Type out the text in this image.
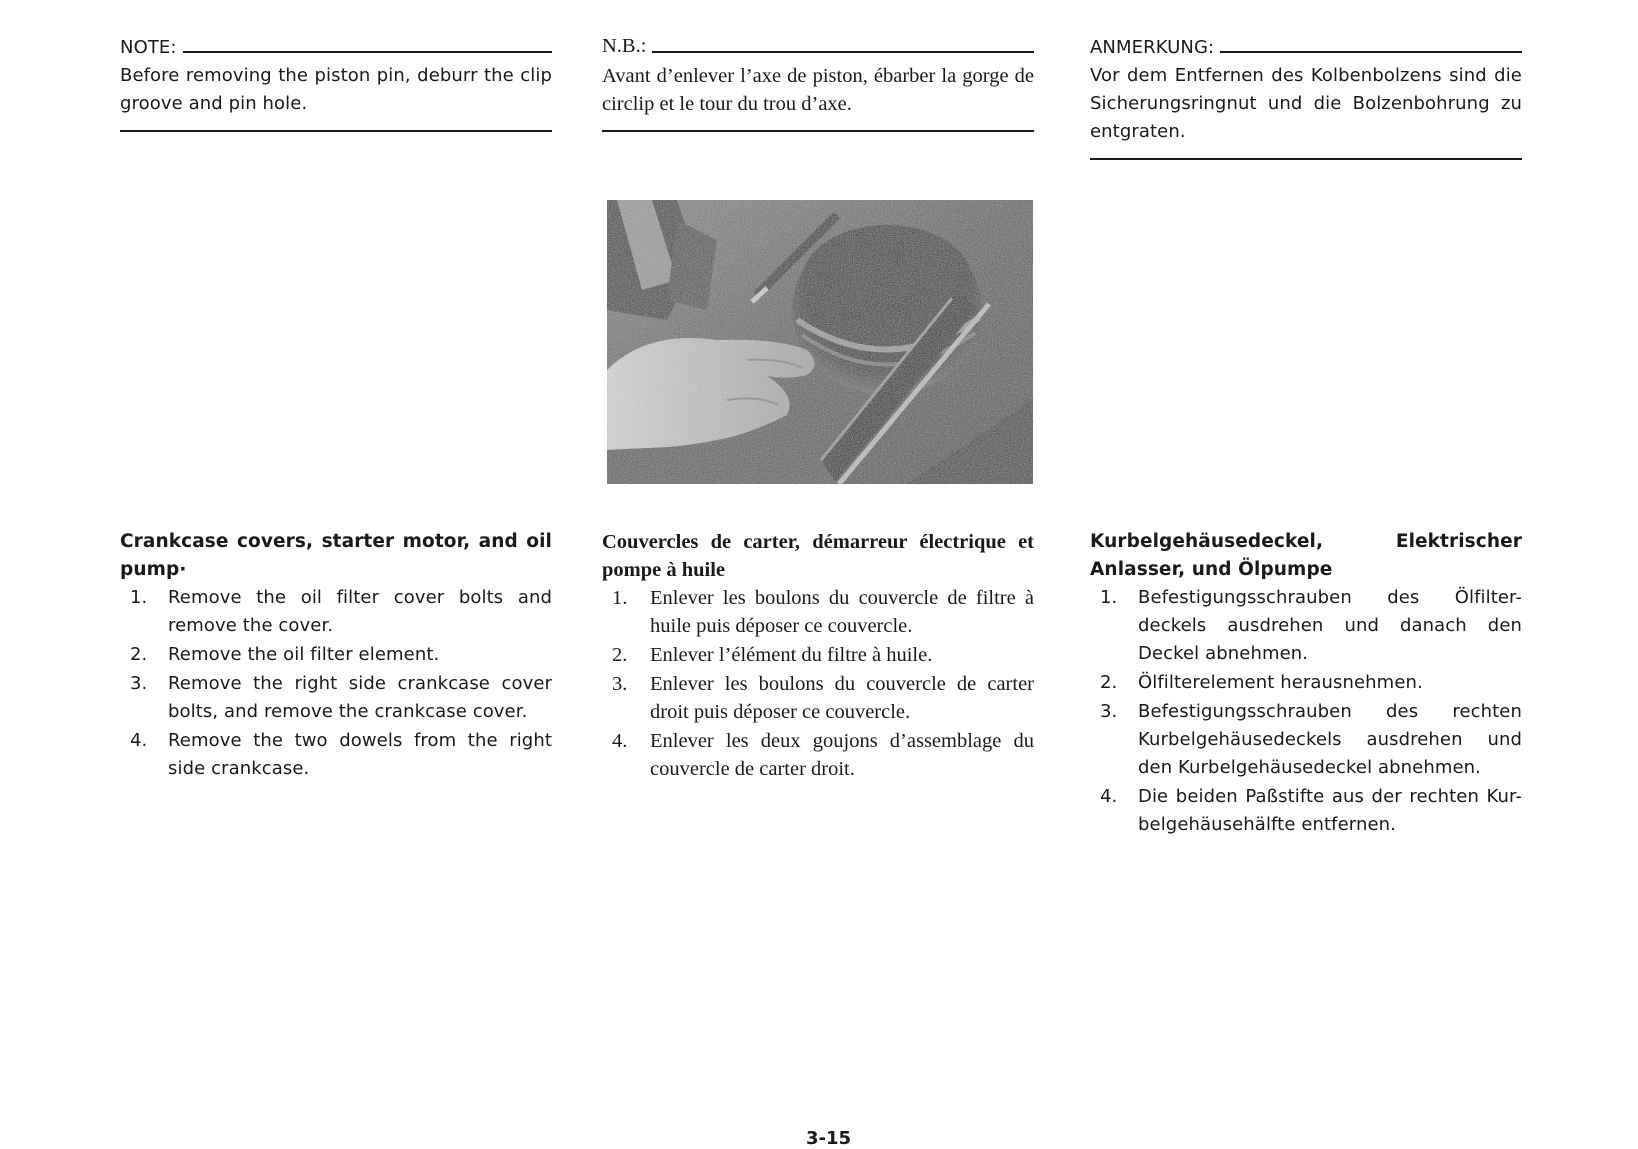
NOTE:

Before removing the piston pin, deburr the clip groove and pin hole.

N.B.:

Avant d’enlever l’axe de piston, ébarber la gorge de circlip et le tour du trou d’axe.

ANMERKUNG:

Vor dem Entfernen des Kolbenbolzens sind die Sicherungsringnut und die Bolzenbohrung zu entgraten.

Crankcase covers, starter motor, and oil pump·

1.	Remove the oil filter cover bolts and remove the cover.
2.	Remove the oil filter element.
3.	Remove the right side crankcase cover bolts, and remove the crankcase cover.
4.	Remove the two dowels from the right side crankcase.

Couvercles de carter, démarreur électrique et pompe à huile

1.	Enlever les boulons du couvercle de filtre à huile puis déposer ce couvercle.
2.	Enlever l’élément du filtre à huile.
3.	Enlever les boulons du couvercle de carter droit puis déposer ce couvercle.
4.	Enlever les deux goujons d’assemblage du couvercle de carter droit.

Kurbelgehäusedeckel, Elektrischer Anlasser, und Ölpumpe

1.	Befestigungsschrauben des Ölfilter-deckels ausdrehen und danach den Deckel abnehmen.
2.	Ölfilterelement herausnehmen.
3.	Befestigungsschrauben des rechten Kurbelgehäusedeckels ausdrehen und den Kurbelgehäusedeckel abnehmen.
4.	Die beiden Paßstifte aus der rechten Kur-belgehäusehälfte entfernen.
3-15
